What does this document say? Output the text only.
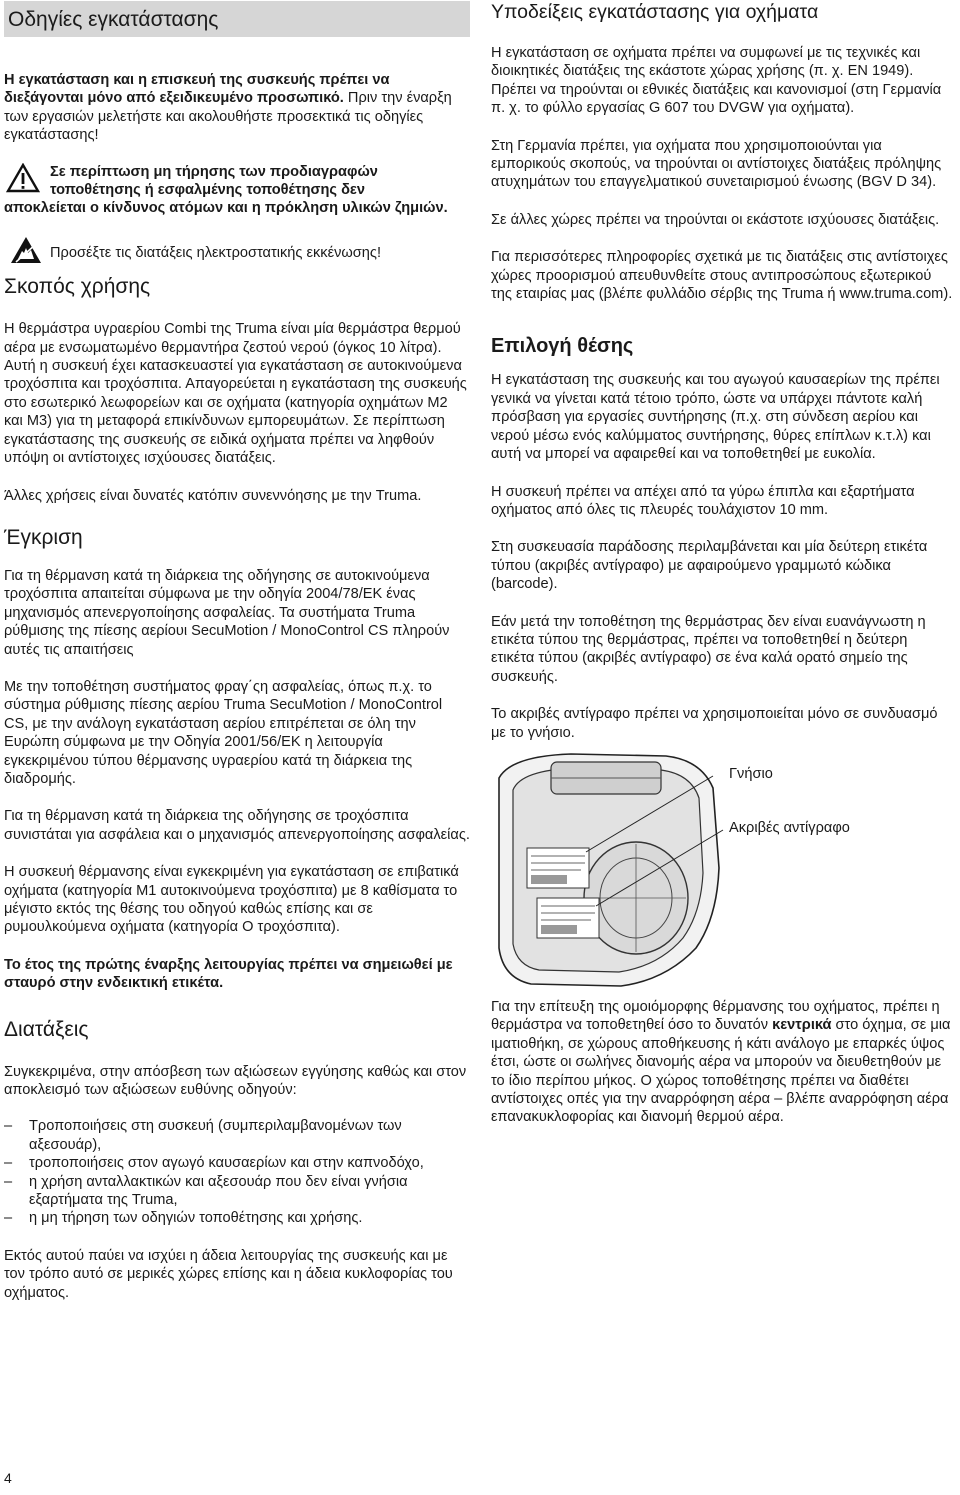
Οδηγίες εγκατάστασης

Η εγκατάσταση και η επισκευή της συσκευής πρέπει να διεξάγονται μόνο από εξειδικευμένο προσωπικό. Πριν την έναρξη των εργασιών μελετήστε και ακολουθήστε προσεκτικά τις οδηγίες εγκατάστασης!

Σε περίπτωση μη τήρησης των προδιαγραφών

τοποθέτησης ή εσφαλμένης τοποθέτησης δεν

αποκλείεται ο κίνδυνος ατόμων και η πρόκληση υλικών ζημιών.

Προσέξτε τις διατάξεις ηλεκτροστατικής εκκένωσης!

Σκοπός χρήσης

Η θερμάστρα υγραερίου Combi της Truma είναι μία θερμάστρα θερμού αέρα με ενσωματωμένο θερμαντήρα ζεστού νερού (όγκος 10 λίτρα). Αυτή η συσκευή έχει κατασκευαστεί για εγκατάσταση σε αυτοκινούμενα τροχόσπιτα και τροχόσπιτα. Απαγορεύεται η εγκατάσταση της συσκευής στο εσωτερικό λεωφορείων και σε οχήματα (κατηγορία οχημάτων M2 και M3) για τη μεταφορά επικίνδυνων εμπορευμάτων. Σε περίπτωση εγκατάστασης της συσκευής σε ειδικά οχήματα πρέπει να ληφθούν υπόψη οι αντίστοιχες ισχύουσες διατάξεις.

Άλλες χρήσεις είναι δυνατές κατόπιν συνεννόησης με την Truma.

Έγκριση

Για τη θέρμανση κατά τη διάρκεια της οδήγησης σε αυτοκινούμενα τροχόσπιτα απαιτείται σύμφωνα με την οδηγία 2004/78/ΕΚ ένας μηχανισμός απενεργοποίησης ασφαλείας. Τα συστήματα Truma ρύθμισης της πίεσης αερίουι SecuMotion / MonoControl CS πληρούν αυτές τις απαιτήσεις

Με την τοποθέτηση συστήματος φραγ΄ςη ασφαλείας, όπως π.χ. το σύστημα ρύθμισης πίεσης αερίου Truma SecuMotion / MonoControl CS, με την ανάλογη εγκατάσταση αερίου επιτρέπεται σε όλη την Ευρώπη σύμφωνα με την Οδηγία 2001/56/ΕΚ η λειτουργία εγκεκριμένου τύπου θέρμανσης υγραερίου κατά τη διάρκεια της διαδρομής.

Για τη θέρμανση κατά τη διάρκεια της οδήγησης σε τροχόσπιτα συνιστάται για ασφάλεια και ο μηχανισμός απενεργοποίησης ασφαλείας.

Η συσκευή θέρμανσης είναι εγκεκριμένη για εγκατάσταση σε επιβατικά οχήματα (κατηγορία M1 αυτοκινούμενα τροχόσπιτα) με 8 καθίσματα το μέγιστο εκτός της θέσης του οδηγού καθώς επίσης και σε ρυμουλκούμενα οχήματα (κατηγορία O τροχόσπιτα).

Το έτος της πρώτης έναρξης λειτουργίας πρέπει να σημειωθεί με σταυρό στην ενδεικτική ετικέτα.

Διατάξεις

Συγκεκριμένα, στην απόσβεση των αξιώσεων εγγύησης καθώς και στον αποκλεισμό των αξιώσεων ευθύνης οδηγούν:

– Τροποποιήσεις στη συσκευή (συμπεριλαμβανομένων των αξεσουάρ),
– τροποποιήσεις στον αγωγό καυσαερίων και στην καπνοδόχο,
– η χρήση ανταλλακτικών και αξεσουάρ που δεν είναι γνήσια εξαρτήματα της Truma,
– η μη τήρηση των οδηγιών τοποθέτησης και χρήσης.

Εκτός αυτού παύει να ισχύει η άδεια λειτουργίας της συσκευής και με τον τρόπο αυτό σε μερικές χώρες επίσης και η άδεια κυκλοφορίας του οχήματος.

Υποδείξεις εγκατάστασης για οχήματα

Η εγκατάσταση σε οχήματα πρέπει να συμφωνεί με τις τεχνικές και διοικητικές διατάξεις της εκάστοτε χώρας χρήσης (π. χ. EN 1949). Πρέπει να τηρούνται οι εθνικές διατάξεις και κανονισμοί (στη Γερμανία π. χ. το φύλλο εργασίας G 607 του DVGW για οχήματα).

Στη Γερμανία πρέπει, για οχήματα που χρησιμοποιούνται για εμπορικούς σκοπούς, να τηρούνται οι αντίστοιχες διατάξεις πρόληψης ατυχημάτων του επαγγελματικού συνεταιρισμού ένωσης (BGV D 34).

Σε άλλες χώρες πρέπει να τηρούνται οι εκάστοτε ισχύουσες διατάξεις.

Για περισσότερες πληροφορίες σχετικά με τις διατάξεις στις αντίστοιχες χώρες προορισμού απευθυνθείτε στους αντιπροσώπους εξωτερικού της εταιρίας μας (βλέπε φυλλάδιο σέρβις της Truma ή www.truma.com).

Επιλογή θέσης

Η εγκατάσταση της συσκευής και του αγωγού καυσαερίων της πρέπει γενικά να γίνεται κατά τέτοιο τρόπο, ώστε να υπάρχει πάντοτε καλή πρόσβαση για εργασίες συντήρησης (π.χ. στη σύνδεση αερίου και νερού μέσω ενός καλύμματος συντήρησης, θύρες επίπλων κ.τ.λ) και αυτή να μπορεί να αφαιρεθεί και να τοποθετηθεί με ευκολία.

Η συσκευή πρέπει να απέχει από τα γύρω έπιπλα και εξαρτήματα οχήματος από όλες τις πλευρές τουλάχιστον 10 mm.

Στη συσκευασία παράδοσης περιλαμβάνεται και μία δεύτερη ετικέτα τύπου (ακριβές αντίγραφο) με αφαιρούμενο γραμμωτό κώδικα (barcode).

Εάν μετά την τοποθέτηση της θερμάστρας δεν είναι ευανάγνωστη η ετικέτα τύπου της θερμάστρας, πρέπει να τοποθετηθεί η δεύτερη ετικέτα τύπου (ακριβές αντίγραφο) σε ένα καλά ορατό σημείο της συσκευής.

Το ακριβές αντίγραφο πρέπει να χρησιμοποιείται μόνο σε συνδυασμό με το γνήσιο.

Γνήσιο
Ακριβές αντίγραφο

Για την επίτευξη της ομοιόμορφης θέρμανσης του οχήματος, πρέπει η θερμάστρα να τοποθετηθεί όσο το δυνατόν κεντρικά στο όχημα, σε μια ιματιοθήκη, σε χώρους αποθήκευσης ή κάτι ανάλογο με επαρκές ύψος έτσι, ώστε οι σωλήνες διανομής αέρα να μπορούν να διευθετηθούν με το ίδιο περίπου μήκος. Ο χώρος τοποθέτησης πρέπει να διαθέτει αντίστοιχες οπές για την αναρρόφηση αέρα – βλέπε αναρρόφηση αέρα επανακυκλοφορίας και διανομή θερμού αέρα.

4
